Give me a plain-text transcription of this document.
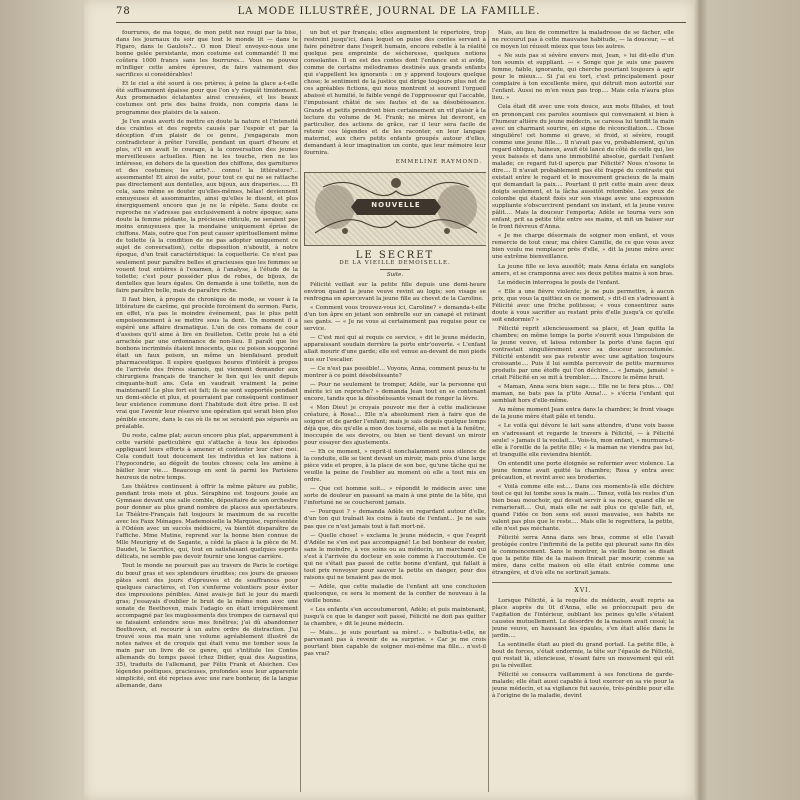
78	LA MODE ILLUSTRÉE, JOURNAL DE LA FAMILLE.

fourrures, de ma toque, de mon petit nez rougi par la bise, dans les journaux du soir que tout le monde lit — dans le Figaro, dans le Gaulois?... O mon Dieu! envoyez-nous une bonne gelée persistante, mon costume est commandé! Il me coûtera 1000 francs sans les fourrures... Vous ne pouvez m'infliger cette amère épreuve, de faire vainement des sacrifices si considérables!

Et le ciel a été sourd à ces prières; à peine la glace a-t-elle été suffisamment épaisse pour que l'on s'y risquât timidement. Aux promenades éclatantes ainsi creusées, et les beaux costumes ont pris des bains froids, non compris dans le programme des plaisirs de la saison.

Je l'en avais averti de mettre en doute la nature et l'intensité des craintes et des regrets causés par l'espoir et par la déception d'un plaisir de ce genre, j'engagerais mon contradicteur à prêter l'oreille, pendant un quart d'heure et plus, s'il en avait le courage, à la conversation des jeunes merveilleuses actuelles. Rien ne les touche, rien ne les intéresse, en dehors de la question des chiffons, des garnitures et des costumes; les arts?... connu! la littérature?... assommante! Et ainsi de suite, pour tout ce qui ne se rattache pas directement aux dentelles, aux bijoux, aux draperies...... Et cela, sans même se douter qu'elles-mêmes, hélas! deviennent ennuyeuses et assommantes, ainsi qu'elles le disent, et plus énergiquement encore que je ne le répète. Sans doute ce reproche ne s'adresse pas exclusivement à notre époque; sans doute la femme pédante, la précieuse ridicule, ne seraient pas moins ennuyeuses que la mondaine uniquement éprise de chiffons. Mais, outre que l'on peut causer spirituellement même de toilette (à la condition de ne pas adopter uniquement ce sujet de conversation), cette disposition n'aboutit, à notre époque, d'un trait caractéristique: la coquetterie. Ce n'est pas seulement pour paraître belles et gracieuses que les femmes se vouent tout entières à l'examen, à l'analyse, à l'étude de la toilette; c'est pour posséder plus de robes, de bijoux, de dentelles que leurs égales. On demande à une toilette, non de faire paraître belle, mais de paraître riche.

Il faut bien, à propos de chronique de mode, se vouer à la littérature de carême, qui procède forcément du sermon. Paris, en effet, n'a pas le moindre événement, pas le plus petit empoisonnement à se mettre sous la dent. Un moment il a espéré une affaire dramatique. L'un de ces romans de cour d'assises qu'il aime à lire en feuilleton. Cette proie lui a été arrachée par une ordonnance de non-lieu. Il paraît que les bonbons incriminés étaient innocents, que ce poison soupçonné était un faux poison, un même un bienfaisant produit pharmaceutique. Il espère quelques heures d'intérêt à propos de l'arrivée des frères siamois, qui viennent demander aux chirurgiens français de trancher le lien qui les unit depuis cinquante-huit ans. Cela en vaudrait vraiment la peine maintenant! Le plus fort est fait; ils ne sont supportés pendant un demi-siècle et plus, et pourraient par conséquent continuer leur existence commune dont l'habitude doit être prise. Il est vrai que l'avenir leur réserve une opération qui serait bien plus pénible encore, dans le cas où ils ne se seraient pas séparés au préalable.

Du reste, calme plat; aucun encore plus plat, apparemment à cette variété particulière qui s'attache à tous les épisodes appliquant leurs efforts à amener et contenter leur cher moi. Cela conduit tout doucement les individus et les nations à l'hypocondrie, au dégoût de toutes choses; cela les amène à bâiller leur vie.... Beaucoup en sont là parmi les Parisiens heureux de notre temps.

Les théâtres continuent à offrir la même pâture au public, pendant trois mois et plus. Séraphine est toujours jouée au Gymnase devant une salle comble, dépositaire de son orchestre pour donner au plus grand nombre de places aux spectateurs. Le Théâtre-Français fait toujours le maximum de sa recette avec les Faux Ménages. Mademoiselle la Marquise, représentée à l'Odéon avec un succès médiocre, va bientôt disparaître de l'affiche. Mme Mutine, reprend sur la bonne bien connue de Mlle Meurigny et de Sagante, a cédé la place à la pièce de M. Daudet, le Sacrifice, qui, tout en satisfaisant quelques esprits délicats, ne semble pas devoir fournir une longue carrière.

Tout le monde ne poursuit pas au travers de Paris le cortège du bœuf gras et ses splendeurs érudites; ces jours de grasses pâtes sont des jours d'épreuves et de souffrances pour quelques caractères, et l'on s'enferme volontiers pour éviter des impressions pénibles. Ainsi avais-je fait le jour du mardi gras; j'essayais d'oublier le bruit de la même nom avec une sonate de Beethoven, mais l'adagio en était irrégulièrement accompagné par les mugissements des trompes de carnaval qui se faisaient entendre sous mes fenêtres; j'ai dû abandonner Beethoven, et recourir à un autre ordre de distraction. J'ai trouvé sous ma main une volume agréablement illustré de notes naïves et de croquis qui était venu me tomber sous la main par un livre de ce genre, qui s'intitule les Contes allemands du temps passé (chez Didier, quai des Augustins, 35), traduits de l'allemand, par Félix Frank et Alsichen. Ces légendes poétiques, gracieuses, profondes sous leur apparente simplicité, ont été reprises avec une rare bonheur, de la langue allemande, dans

un but et par français; elles augmentent le répertoire, trop restreint jusqu'ici, dans lequel on puise des contes servant à faire pénétrer dans l'esprit humain, encore rebelle à la réalité quelque peu empreinte de sécheresse, quelques notions consolantes. Il en est des contes dont l'enfance est si avide, comme de certains mélodrames destinés aux grands enfants qui s'appellent les ignorants : on y apprend toujours quelque chose; le sentiment de la justice qui dirige toujours plus net de ces agréables fictions, qui nous montrent si souvent l'orgueil abaissé et humilié, le faible vengé de l'oppresseur qui l'accable, l'impuissant châtié de ses fautes et de sa désobéissance. Grands et petits prendront bien certainement un vif plaisir à la lecture du volume de M. Frank; ne mères lui devront, en particulier, des actions de grâce, car il leur sera facile de retenir ces légendes et de les raconter, en leur langage maternel, aux chers petits enfants groupés autour d'elles, demandant à leur imagination un conte, que leur mémoire leur fournira.

EMMELINE RAYMOND.
NOUVELLE
LE SECRET
DE LA VIEILLE DEMOISELLE.
Suite.

Félicité veillait sur la petite fille depuis une demi-heure environ quand la jeune veuve revint au logis; son visage se renfrogna en apercevant la jeune fille au chevet de la Caroline.

« Comment vous trouvez-vous ici, Caroline? » demanda-t-elle d'un ton âpre en jetant son ombrelle sur un canapé et retirant ses gants. — « Je ne vous ai certainement pas requise pour ce service.

— C'est moi qui ai requis ce service, » dit le jeune médecin, apparaissant soudain derrière la porte entr'ouverte. « L'enfant allait mourir d'une garde; elle est venue au-devant de moi pieds nus sur l'escalier.

— Ce n'est pas possible!... Voyons, Anna, comment peux-tu te montrer à ce point désobéissante?

— Pour ne seulement te tromper, Adèle, sur la personne qui mérite ici un reproche? » demanda Jean tout en se contenant encore, tandis que la désobéissante venait de ronger la lèvre.

« Mon Dieu! je croyais pouvoir me fier à cette malicieuse créature, à Rosa!... Elle n'a absolument rien à faire que de soigner et de garder l'enfant; mais je sais depuis quelque temps déjà que, dès qu'elle a mon dos tourné, elle se met à la fenêtre, inoccupée de ses devoirs, ou bien se tient devant un miroir pour essayer des ajustements.

— Eh ce moment, » reprit-il nonchalamment sous silence de la conduite, elle se tient devant un miroir, mais près d'une large pièce vide et propre, à la place de son bec, qu'une tâche qui ne veuille la peine de l'oublier au moment où elle a tout mis en ordre.

— Que cet homme soit... » répondit le médecin avec une sorte de douleur en passant sa main à une pinte de la tête, qui l'infortuné ne se coucheront jamais.

— Pourquoi ? » demanda Adèle en regardant autour d'elle, d'un ton qui traînait les coins à faute de l'enfant... Je ne sais pas que ce n'est jamais tout à fait mort-né.

— Quelle chose! » exclama le jeune médecin, « que l'esprit d'Adèle ne s'en est pas accompagné! Le bel bonheur de rester, sans le moindre, à vos soins ou au médecin, un marchand qui s'est à l'arrivée du docteur en soie comme à l'accoutumée. Ce qui ne s'était pas passé de cette bonne d'enfant, qui fallait à tout prix renvoyer pour sauver la petite en danger, pour des raisons qui ne tenaient pas de moi.

— Adèle, que cette maladie de l'enfant ait une conclusion quelconque, ce sera le moment de la confier de nouveau à la vieille bonne.

« Les enfants s'en accoutumeront, Adèle; et puis maintenant, jusqu'à ce que le danger soit passé, Félicité ne doit pas quitter la chambre, » dit le jeune médecin.

— Mais... je suis pourtant sa mère!... » balbutia-t-elle, ne parvenant pas à revenir de sa surprise. » Car je me crois pourtant bien capable de soigner moi-même ma fille... n'est-il pas vrai?

Mais, au lieu de commettre la maladresse de se fâcher, elle ne recourut pas à cette mauvaise habitude, — la douceur, — et ce moyen lui réussit mieux que tous les autres.

« Ne suis pas si sévère envers moi, Jean, » lui dit-elle d'un ton soumis et suppliant. — « Songe que je suis une pauvre femme, faible, ignorante, qui cherche pourtant toujours à agir pour le mieux.... Si j'ai eu tort, c'est principalement pour complaire à ton excellente mère, qui détruit mon autorité sur l'enfant. Aussi ne m'en veux pas trop.... Mais cela n'aura plus lieu. »

Cela était dit avec une voix douce, aux mots filiales, et tout en prononçant ces paroles soumises qui convenaient si bien à l'humeur altière du jeune médecin, se caressa lui tendit la main avec un charmant sourire, en signe de réconciliation.... Chose singulière! cet homme si grave, si froid, si sévère, rougit comme une jeune fille.... Il n'avait pas vu, probablement, qu'un regard oblique, haineux, avait été lancé du côté de celle qui, les yeux baissés et dans une immobilité absolue, gardait l'enfant malade; ce regard fut-il aperçu par Félicité? Nous n'osons le dire.... Il n'avait probablement pas été frappé du contraste qui existait entre le regard et le mouvement gracieux de la main qui demandait la paix.... Pourtant il prit cette main avec deux doigts seulement, et la lâcha aussitôt retombée. Les yeux de colombe qui étaient fixés sur son visage avec une expression suppliante s'obscurcirent pendant un instant, et la jeune veuve pâlit.... Mais la douceur l'emporta; Adèle se tourna vers son enfant, prit sa petite tête entre ses mains, et mit un baiser sur le front fiévreux d'Anna.

« Je me charge désormais de soigner mon enfant, et vous remercie de tout cœur, ma chère Camille, de ce que vous avez bien voulu me remplacer près d'elle, » dit la jeune mère avec une extrême bienveillance.

La jeune fille se leva aussitôt; mais Anna éclata en sanglots amers, et se cramponna avec ses deux petites mains à son bras.

Le médecin interrogea le pouls de l'enfant.

« Elle a une fièvre violente; je ne puis permettre, à aucun prix, que vous la quittiez en ce moment, » dit-il en s'adressant à Félicité avec une friche politesse; « vous consentirez sans doute à vous sacrifier au restant près d'elle jusqu'à ce qu'elle soit endormie? »

Félicité reprit silencieusement sa place, et Jean quitta la chambre; on même temps la porte s'ouvrit sous l'impulsion de la jeune veuve, et laissa retomber la porte d'une façon qui contrastait singulièrement avec sa douceur accoutumée. Félicité entendit ses pas retentir avec une agitation toujours croissante.... Puis il lui sembla percevoir de petits murmures produits par une étoffe qui l'on déchire.... « Jamais, jamais! » criait Félicité en se mit à trembler...... Encore le même bruit.

« Maman, Anna sera bien sage.... Elle ne le fera plus.... Oh! maman, ne bats pas la p'tite Anna!... » s'écria l'enfant qui semblait hors d'elle-même.

Au même moment Jean entra dans la chambre; le front visage de la jeune mère était pâle et tendu.

« Le voilà qui dévore le lait sans attendre, d'une voix basse en s'adressant et regarde le travers à Félicité, — à Félicité seule! » Jamais il la voulait.... Vois-tu, mon enfant, » murmura-t-elle à l'oreille de la petite fille; « la maman ne viendra pas lui, et tranquille elle reviendra bientôt.

On entendit une porte éloignée se refermer avec violence. La jeune femme avait quitté la chambre; Rosa y entra avec précaution, et revint avec ses broderies.

« Voilà comme elle est.... Dans ces moments-là elle déchire tout ce qui lui tombe sous la main.... Tenez, voilà les restes d'un bien beau mouchoir, qui devait servir à sa noce, quand elle se remarierait.... Oui, mais elle ne sait plus ce qu'elle fait, et, quand l'idée ce bon sens est aussi mauvaise, ses habits ne valent pas plus que le reste.... Mais elle le regrettera, la petite, elle n'est pas méchante.

Félicité serra Anna dans ses bras, comme si elle l'avait protégée contre l'infirmité de la petite qui pleurait sans fin dès le commencement. Sans le montrer, la vieille bonne se disait que la petite fille de la maison finirait par mourir, comme sa mère, dans cette maison où elle était entrée comme une étrangère, et d'où elle ne sortirait jamais.

XVI.

Lorsque Félicité, à la requête du médecin, avait repris sa place auprès du lit d'Anna, elle se préoccupait peu de l'agitation de l'intérieur, oubliant les peines qu'elle s'étaient causées mutuellement. Le désordre de la maison avait cessé; la jeune veuve, en haussant les épaules, s'en était allée dans le jardin....

La sentinelle était au pied du grand portail. La petite fille, à bout de forces, s'était endormie, la tête sur l'épaule de Félicité, qui restait là, silencieuse, n'osant faire un mouvement qui eût pu la réveiller.

Félicité se consacra vaillamment à ses fonctions de garde-malade; elle était aussi capable à tout exercer en sa vie pour la jeune médecin, et sa vigilance fut sauvée, très-pénible pour elle à l'origine de la maladie, devint
